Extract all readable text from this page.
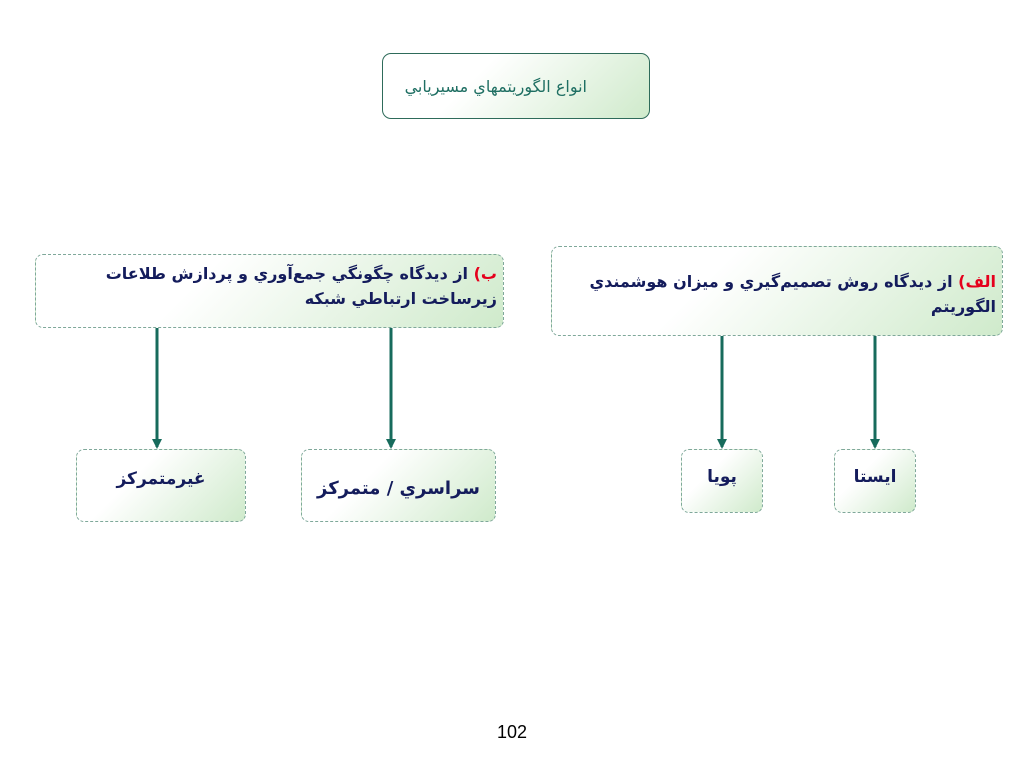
انواع الگوريتمهاي مسيريابي
الف) از ديدگاه روش تصميم‌گيري و ميزان هوشمندي الگوريتم
ب) از ديدگاه چگونگي جمع‌آوري و پردازش طلاعات زيرساخت ارتباطي شبكه
ايستا
پويا
سراسري / متمركز
غيرمتمركز
102
